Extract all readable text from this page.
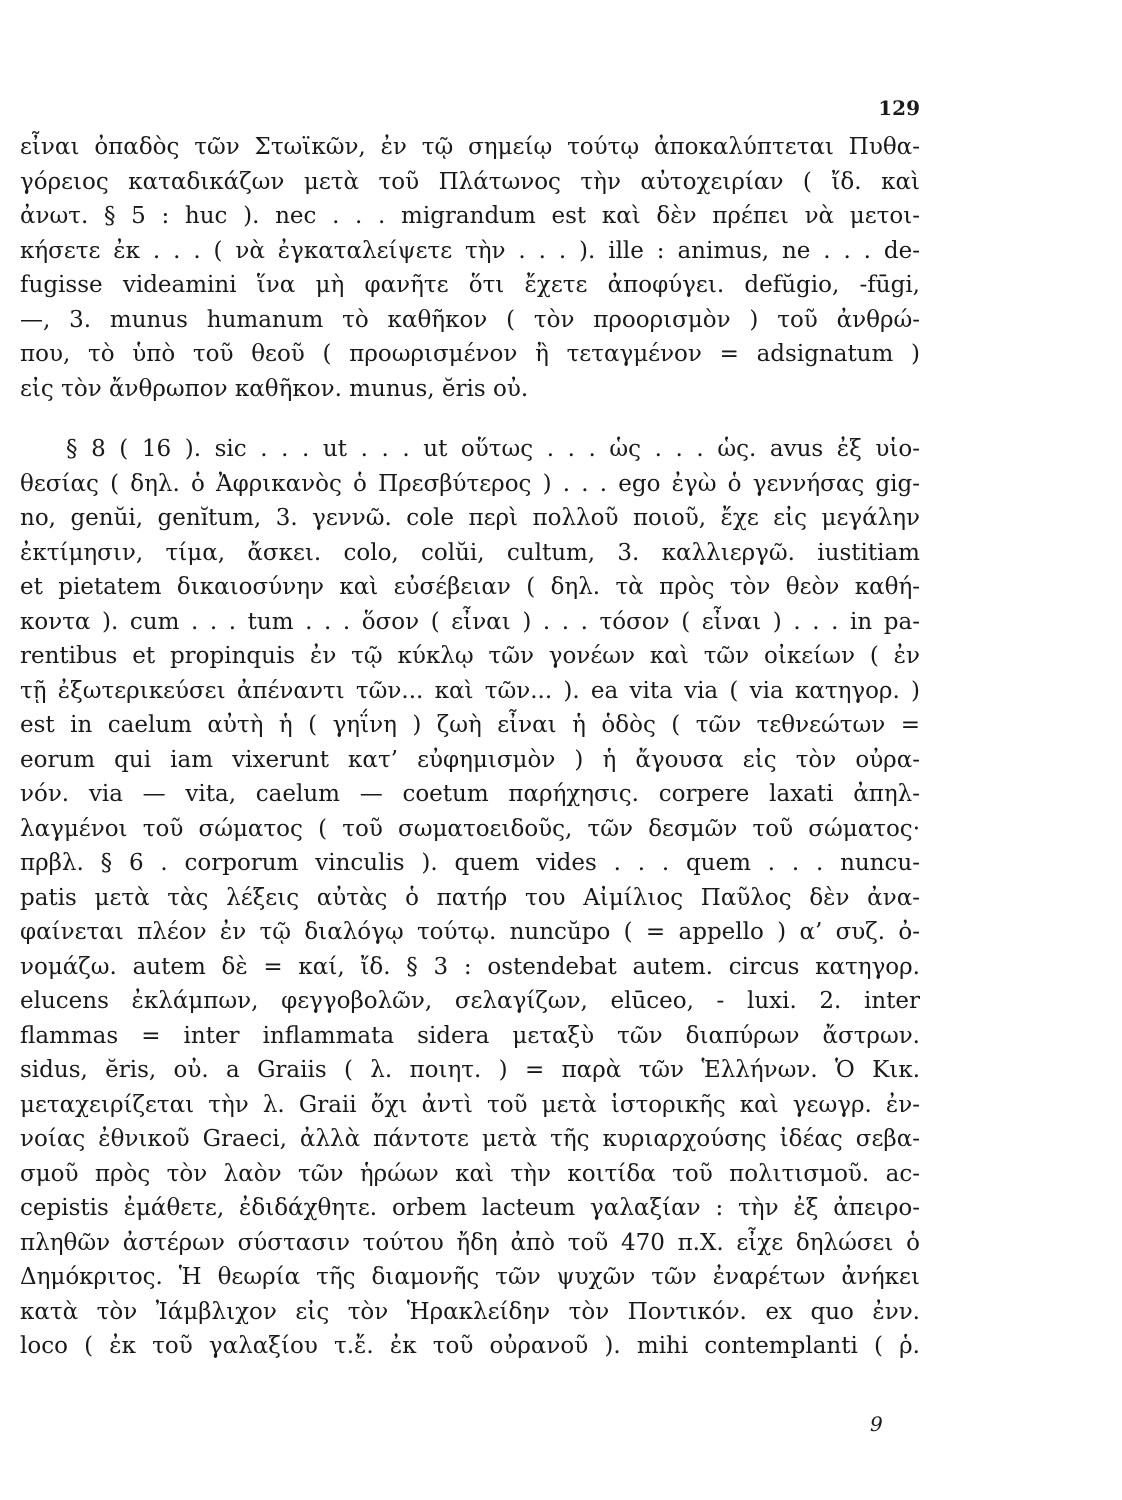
129
εἶναι ὀπαδὸς τῶν Στωϊκῶν, ἐν τῷ σημείῳ τούτῳ ἀποκαλύπτεται Πυθα-
γόρειος καταδικάζων μετὰ τοῦ Πλάτωνος τὴν αὐτοχειρίαν ( ἴδ. καὶ
ἀνωτ. § 5 : huc ). nec . . . migrandum est καὶ δὲν πρέπει νὰ μετοι-
κήσετε ἐκ . . . ( νὰ ἐγκαταλείψετε τὴν . . . ). ille : animus, ne . . . de-
fugisse videamini ἵνα μὴ φανῆτε ὅτι ἔχετε ἀποφύγει. defŭgio, -fūgi,
—, 3. munus humanum τὸ καθῆκον ( τὸν προορισμὸν ) τοῦ ἀνθρώ-
που, τὸ ὑπὸ τοῦ θεοῦ ( προωρισμένον ἢ τεταγμένον = adsignatum )
εἰς τὸν ἄνθρωπον καθῆκον. munus, ĕris οὐ.
§ 8 ( 16 ). sic . . . ut . . . ut οὕτως . . . ὡς . . . ὡς. avus ἐξ υἱο-
θεσίας ( δηλ. ὁ Ἀφρικανὸς ὁ Πρεσβύτερος ) . . . ego ἐγὼ ὁ γεννήσας gig-
no, genŭi, genĭtum, 3. γεννῶ. cole περὶ πολλοῦ ποιοῦ, ἔχε εἰς μεγάλην
ἐκτίμησιν, τίμα, ἄσκει. colo, colŭi, cultum, 3. καλλιεργῶ. iustitiam
et pietatem δικαιοσύνην καὶ εὐσέβειαν ( δηλ. τὰ πρὸς τὸν θεὸν καθή-
κοντα ). cum . . . tum . . . ὅσον ( εἶναι ) . . . τόσον ( εἶναι ) . . . in pa-
rentibus et propinquis ἐν τῷ κύκλῳ τῶν γονέων καὶ τῶν οἰκείων ( ἐν
τῇ ἐξωτερικεύσει ἀπέναντι τῶν... καὶ τῶν... ). ea vita via ( via κατηγορ. )
est in caelum αὐτὴ ἡ ( γηΐνη ) ζωὴ εἶναι ἡ ὁδὸς ( τῶν τεθνεώτων =
eorum qui iam vixerunt κατ’ εὐφημισμὸν ) ἡ ἄγουσα εἰς τὸν οὐρα-
νόν. via — vita, caelum — coetum παρήχησις. corpere laxati ἀπηλ-
λαγμένοι τοῦ σώματος ( τοῦ σωματοειδοῦς, τῶν δεσμῶν τοῦ σώματος·
πρβλ. § 6 . corporum vinculis ). quem vides . . . quem . . . nuncu-
patis μετὰ τὰς λέξεις αὐτὰς ὁ πατήρ του Αἰμίλιος Παῦλος δὲν ἀνα-
φαίνεται πλέον ἐν τῷ διαλόγῳ τούτῳ. nuncŭpo ( = appello ) α’ συζ. ὀ-
νομάζω. autem δὲ = καί, ἴδ. § 3 : ostendebat autem. circus κατηγορ.
elucens ἐκλάμπων, φεγγοβολῶν, σελαγίζων, elūceo, - luxi. 2. inter
flammas = inter inflammata sidera μεταξὺ τῶν διαπύρων ἄστρων.
sidus, ĕris, οὐ. a Graiis ( λ. ποιητ. ) = παρὰ τῶν Ἑλλήνων. Ὁ Κικ.
μεταχειρίζεται τὴν λ. Graii ὄχι ἀντὶ τοῦ μετὰ ἱστορικῆς καὶ γεωγρ. ἐν-
νοίας ἐθνικοῦ Graeci, ἀλλὰ πάντοτε μετὰ τῆς κυριαρχούσης ἰδέας σεβα-
σμοῦ πρὸς τὸν λαὸν τῶν ἡρώων καὶ τὴν κοιτίδα τοῦ πολιτισμοῦ. ac-
cepistis ἐμάθετε, ἐδιδάχθητε. orbem lacteum γαλαξίαν : τὴν ἐξ ἀπειρο-
πληθῶν ἀστέρων σύστασιν τούτου ἤδη ἀπὸ τοῦ 470 π.Χ. εἶχε δηλώσει ὁ
Δημόκριτος. Ἡ θεωρία τῆς διαμονῆς τῶν ψυχῶν τῶν ἐναρέτων ἀνήκει
κατὰ τὸν Ἰάμβλιχον εἰς τὸν Ἡρακλείδην τὸν Ποντικόν. ex quo ἐνν.
loco ( ἐκ τοῦ γαλαξίου τ.ἔ. ἐκ τοῦ οὐρανοῦ ). mihi contemplanti ( ῥ.
9
